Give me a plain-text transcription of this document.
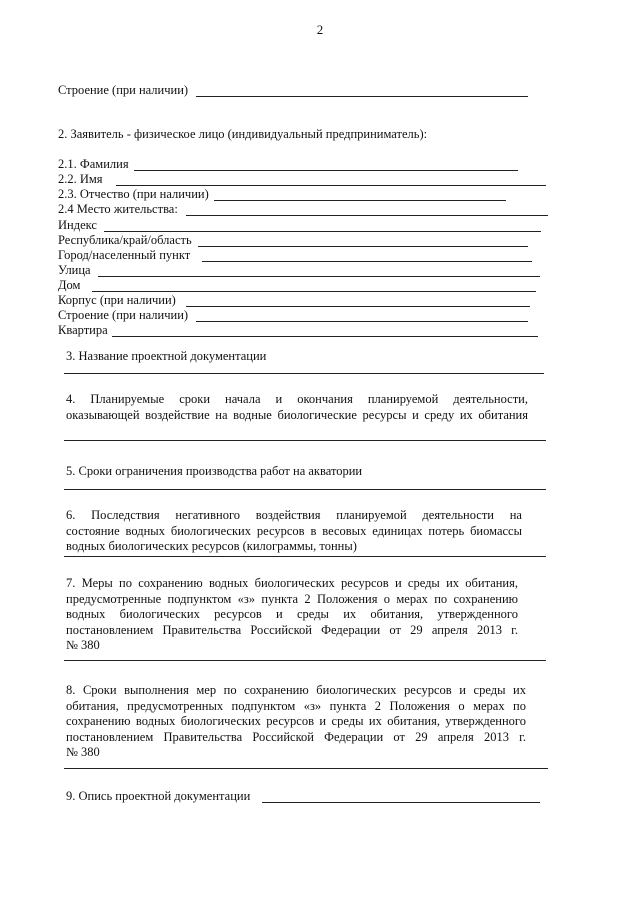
2
Строение (при наличии)
2. Заявитель - физическое лицо (индивидуальный предприниматель):
2.1. Фамилия
2.2. Имя
2.3. Отчество (при наличии)
2.4 Место жительства:
Индекс
Республика/край/область
Город/населенный пункт
Улица
Дом
Корпус (при наличии)
Строение (при наличии)
Квартира
3. Название проектной документации
4. Планируемые сроки начала и окончания планируемой деятельности,
оказывающей воздействие на водные биологические ресурсы и среду их обитания
5. Сроки ограничения производства работ на акватории
6. Последствия негативного воздействия планируемой деятельности на
состояние водных биологических ресурсов в весовых единицах потерь биомассы
водных биологических ресурсов (килограммы, тонны)
7. Меры по сохранению водных биологических ресурсов и среды их обитания,
предусмотренные подпунктом «з» пункта 2 Положения о мерах по сохранению
водных биологических ресурсов и среды их обитания, утвержденного
постановлением Правительства Российской Федерации от 29 апреля 2013 г.
№ 380
8. Сроки выполнения мер по сохранению биологических ресурсов и среды их
обитания, предусмотренных подпунктом «з» пункта 2 Положения о мерах по
сохранению водных биологических ресурсов и среды их обитания, утвержденного
постановлением Правительства Российской Федерации от 29 апреля 2013 г.
№ 380
9. Опись проектной документации
